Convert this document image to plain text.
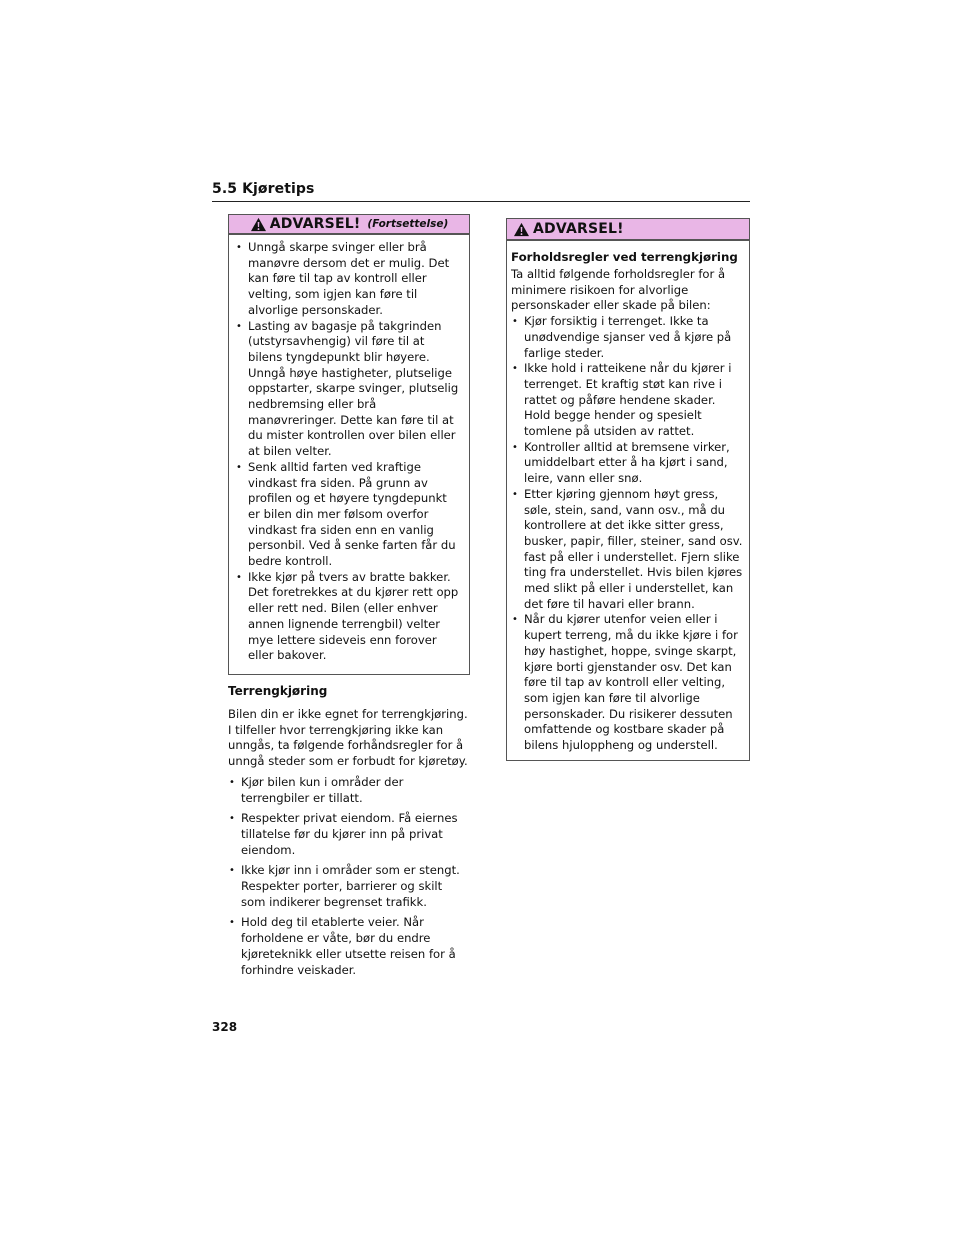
5.5 Kjøretips
ADVARSEL! (Fortsettelse)
• Unngå skarpe svinger eller brå manøvre dersom det er mulig. Det kan føre til tap av kontroll eller velting, som igjen kan føre til alvorlige personskader.
• Lasting av bagasje på takgrinden (utstyrsavhengig) vil føre til at bilens tyngdepunkt blir høyere. Unngå høye hastigheter, plutselige oppstarter, skarpe svinger, plutselig nedbremsing eller brå manøvreringer. Dette kan føre til at du mister kontrollen over bilen eller at bilen velter.
• Senk alltid farten ved kraftige vindkast fra siden. På grunn av profilen og et høyere tyngdepunkt er bilen din mer følsom overfor vindkast fra siden enn en vanlig personbil. Ved å senke farten får du bedre kontroll.
• Ikke kjør på tvers av bratte bakker. Det foretrekkes at du kjører rett opp eller rett ned. Bilen (eller enhver annen lignende terrengbil) velter mye lettere sideveis enn forover eller bakover.
Terrengkjøring
Bilen din er ikke egnet for terrengkjøring. I tilfeller hvor terrengkjøring ikke kan unngås, ta følgende forhåndsregler for å unngå steder som er forbudt for kjøretøy.
• Kjør bilen kun i områder der terrengbiler er tillatt.
• Respekter privat eiendom. Få eiernes tillatelse før du kjører inn på privat eiendom.
• Ikke kjør inn i områder som er stengt. Respekter porter, barrierer og skilt som indikerer begrenset trafikk.
• Hold deg til etablerte veier. Når forholdene er våte, bør du endre kjøreteknikk eller utsette reisen for å forhindre veiskader.
ADVARSEL!
Forholdsregler ved terrengkjøring
Ta alltid følgende forholdsregler for å minimere risikoen for alvorlige personskader eller skade på bilen:
• Kjør forsiktig i terrenget. Ikke ta unødvendige sjanser ved å kjøre på farlige steder.
• Ikke hold i ratteikene når du kjører i terrenget. Et kraftig støt kan rive i rattet og påføre hendene skader. Hold begge hender og spesielt tomlene på utsiden av rattet.
• Kontroller alltid at bremsene virker, umiddelbart etter å ha kjørt i sand, leire, vann eller snø.
• Etter kjøring gjennom høyt gress, søle, stein, sand, vann osv., må du kontrollere at det ikke sitter gress, busker, papir, filler, steiner, sand osv. fast på eller i understellet. Fjern slike ting fra understellet. Hvis bilen kjøres med slikt på eller i understellet, kan det føre til havari eller brann.
• Når du kjører utenfor veien eller i kupert terreng, må du ikke kjøre i for høy hastighet, hoppe, svinge skarpt, kjøre borti gjenstander osv. Det kan føre til tap av kontroll eller velting, som igjen kan føre til alvorlige personskader. Du risikerer dessuten omfattende og kostbare skader på bilens hjuloppheng og understell.
328
